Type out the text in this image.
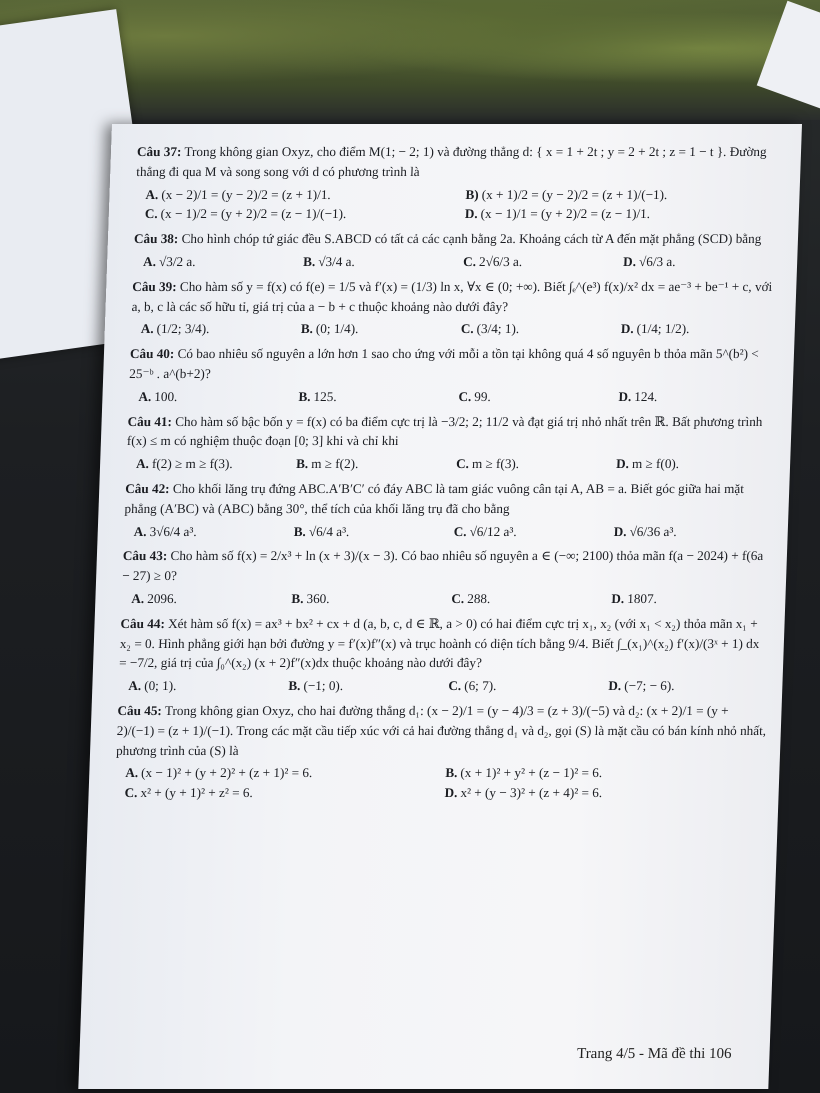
Câu 37: Trong không gian Oxyz, cho điểm M(1; − 2; 1) và đường thẳng d: { x = 1 + 2t ; y = 2 + 2t ; z = 1 − t }. Đường thẳng đi qua M và song song với d có phương trình là
A. (x − 2)/1 = (y − 2)/2 = (z + 1)/1.	B) (x + 1)/2 = (y − 2)/2 = (z + 1)/(−1).
C. (x − 1)/2 = (y + 2)/2 = (z − 1)/(−1).	D. (x − 1)/1 = (y + 2)/2 = (z − 1)/1.
Câu 38: Cho hình chóp tứ giác đều S.ABCD có tất cả các cạnh bằng 2a. Khoảng cách từ A đến mặt phẳng (SCD) bằng
A. √3/2 a.	B. √3/4 a.	C. 2√6/3 a.	D. √6/3 a.
Câu 39: Cho hàm số y = f(x) có f(e) = 1/5 và f′(x) = (1/3) ln x, ∀x ∈ (0; +∞). Biết ∫ₑ^(e³) f(x)/x² dx = ae⁻³ + be⁻¹ + c, với a, b, c là các số hữu tỉ, giá trị của a − b + c thuộc khoảng nào dưới đây?
A. (1/2; 3/4).	B. (0; 1/4).	C. (3/4; 1).	D. (1/4; 1/2).
Câu 40: Có bao nhiêu số nguyên a lớn hơn 1 sao cho ứng với mỗi a tồn tại không quá 4 số nguyên b thỏa mãn 5^(b²) < 25⁻ᵇ . a^(b+2)?
A. 100.	B. 125.	C. 99.	D. 124.
Câu 41: Cho hàm số bậc bốn y = f(x) có ba điểm cực trị là −3/2; 2; 11/2 và đạt giá trị nhỏ nhất trên ℝ. Bất phương trình f(x) ≤ m có nghiệm thuộc đoạn [0; 3] khi và chỉ khi
A. f(2) ≥ m ≥ f(3).	B. m ≥ f(2).	C. m ≥ f(3).	D. m ≥ f(0).
Câu 42: Cho khối lăng trụ đứng ABC.A′B′C′ có đáy ABC là tam giác vuông cân tại A, AB = a. Biết góc giữa hai mặt phẳng (A′BC) và (ABC) bằng 30°, thể tích của khối lăng trụ đã cho bằng
A. 3√6/4 a³.	B. √6/4 a³.	C. √6/12 a³.	D. √6/36 a³.
Câu 43: Cho hàm số f(x) = 2/x³ + ln (x + 3)/(x − 3). Có bao nhiêu số nguyên a ∈ (−∞; 2100) thỏa mãn f(a − 2024) + f(6a − 27) ≥ 0?
A. 2096.	B. 360.	C. 288.	D. 1807.
Câu 44: Xét hàm số f(x) = ax³ + bx² + cx + d (a, b, c, d ∈ ℝ, a > 0) có hai điểm cực trị x₁, x₂ (với x₁ < x₂) thỏa mãn x₁ + x₂ = 0. Hình phẳng giới hạn bởi đường y = f′(x)f″(x) và trục hoành có diện tích bằng 9/4. Biết ∫_(x₁)^(x₂) f′(x)/(3ˣ + 1) dx = −7/2, giá trị của ∫₀^(x₂) (x + 2)f″(x)dx thuộc khoảng nào dưới đây?
A. (0; 1).	B. (−1; 0).	C. (6; 7).	D. (−7; − 6).
Câu 45: Trong không gian Oxyz, cho hai đường thẳng d₁: (x − 2)/1 = (y − 4)/3 = (z + 3)/(−5) và d₂: (x + 2)/1 = (y + 2)/(−1) = (z + 1)/(−1). Trong các mặt cầu tiếp xúc với cả hai đường thẳng d₁ và d₂, gọi (S) là mặt cầu có bán kính nhỏ nhất, phương trình của (S) là
A. (x − 1)² + (y + 2)² + (z + 1)² = 6.	B. (x + 1)² + y² + (z − 1)² = 6.
C. x² + (y + 1)² + z² = 6.	D. x² + (y − 3)² + (z + 4)² = 6.
Trang 4/5 - Mã đề thi 106
